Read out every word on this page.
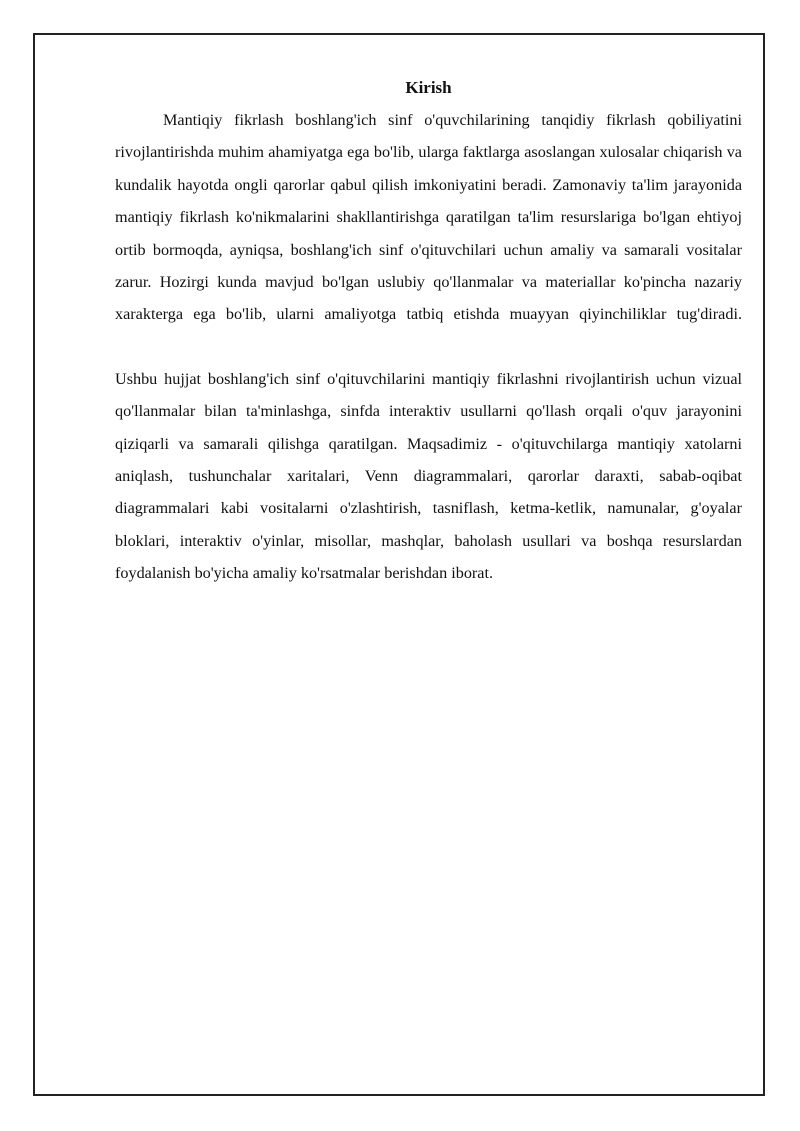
Kirish

Mantiqiy fikrlash boshlang'ich sinf o'quvchilarining tanqidiy fikrlash qobiliyatini rivojlantirishda muhim ahamiyatga ega bo'lib, ularga faktlarga asoslangan xulosalar chiqarish va kundalik hayotda ongli qarorlar qabul qilish imkoniyatini beradi. Zamonaviy ta'lim jarayonida mantiqiy fikrlash ko'nikmalarini shakllantirishga qaratilgan ta'lim resurslariga bo'lgan ehtiyoj ortib bormoqda, ayniqsa, boshlang'ich sinf o'qituvchilari uchun amaliy va samarali vositalar zarur. Hozirgi kunda mavjud bo'lgan uslubiy qo'llanmalar va materiallar ko'pincha nazariy xarakterga ega bo'lib, ularni amaliyotga tatbiq etishda muayyan qiyinchiliklar tug'diradi.

Ushbu hujjat boshlang'ich sinf o'qituvchilarini mantiqiy fikrlashni rivojlantirish uchun vizual qo'llanmalar bilan ta'minlashga, sinfda interaktiv usullarni qo'llash orqali o'quv jarayonini qiziqarli va samarali qilishga qaratilgan. Maqsadimiz - o'qituvchilarga mantiqiy xatolarni aniqlash, tushunchalar xaritalari, Venn diagrammalari, qarorlar daraxti, sabab-oqibat diagrammalari kabi vositalarni o'zlashtirish, tasniflash, ketma-ketlik, namunalar, g'oyalar bloklari, interaktiv o'yinlar, misollar, mashqlar, baholash usullari va boshqa resurslardan foydalanish bo'yicha amaliy ko'rsatmalar berishdan iborat.
